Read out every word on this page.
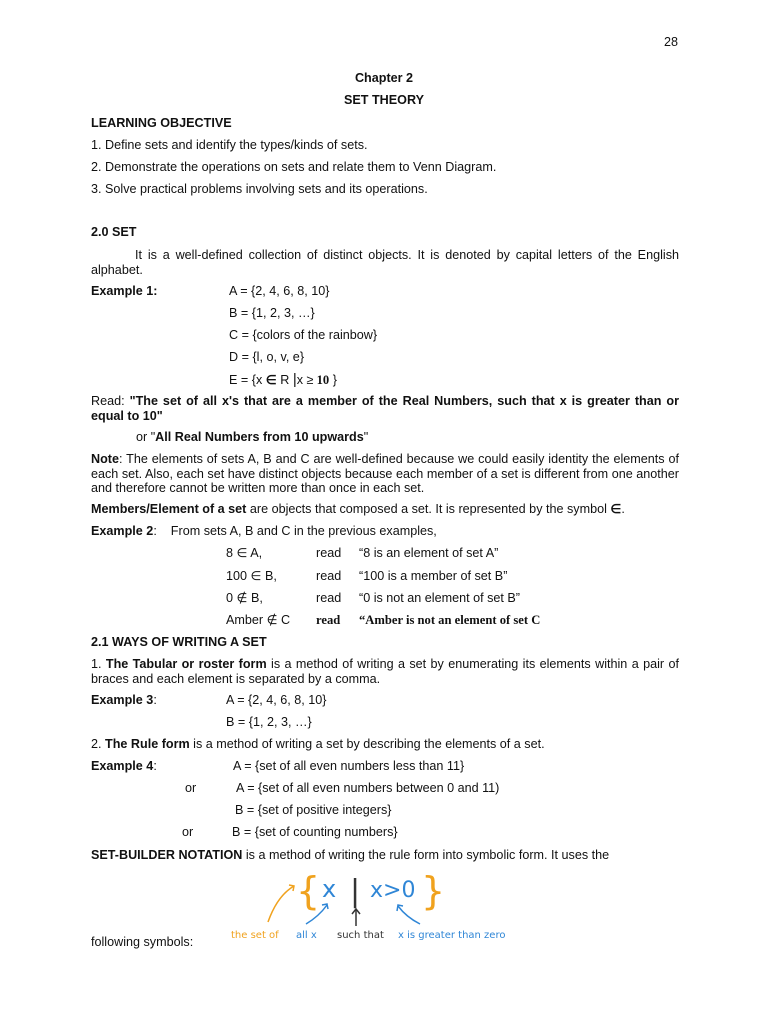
28
Chapter 2
SET THEORY
LEARNING OBJECTIVE
1. Define sets and identify the types/kinds of sets.
2. Demonstrate the operations on sets and relate them to Venn Diagram.
3. Solve practical problems involving sets and its operations.
2.0 SET
It is a well-defined collection of distinct objects. It is denoted by capital letters of the English alphabet.
Example 1:	A = {2, 4, 6, 8, 10}
B = {1, 2, 3, …}
C = {colors of the rainbow}
D = {l, o, v, e}
E = {x ∈ R |x ≥ 10 }
Read: "The set of all x's that are a member of the Real Numbers, such that x is greater than or equal to 10"
or "All Real Numbers from 10 upwards"
Note: The elements of sets A, B and C are well-defined because we could easily identity the elements of each set. Also, each set have distinct objects because each member of a set is different from one another and therefore cannot be written more than once in each set.
Members/Element of a set are objects that composed a set. It is represented by the symbol ∈.
Example 2:    From sets A, B and C in the previous examples,
8 ∈ A,	read “8 is an element of set A”
100 ∈ B,	read “100 is a member of set B”
0 ∉ B,	read “0 is not an element of set B”
Amber ∉ C read “Amber is not an element of set C
2.1 WAYS OF WRITING A SET
1. The Tabular or roster form is a method of writing a set by enumerating its elements within a pair of braces and each element is separated by a comma.
Example 3:	A = {2, 4, 6, 8, 10}
B = {1, 2, 3, …}
2. The Rule form is a method of writing a set by describing the elements of a set.
Example 4:	A = {set of all even numbers less than 11}
or	A = {set of all even numbers between 0 and 11)
B = {set of positive integers}
or	B = {set of counting numbers}
SET-BUILDER NOTATION is a method of writing the rule form into symbolic form. It uses the
following symbols:
{ x | x>0 }
the set of all x such that x is greater than zero
